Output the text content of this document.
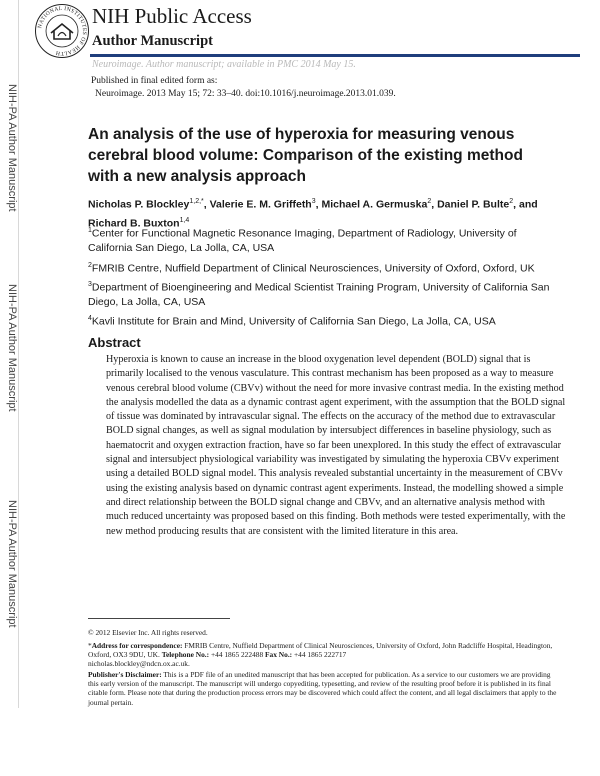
NATIONAL INSTITUTES OF HEALTH
NIH Public Access
Author Manuscript
Neuroimage. Author manuscript; available in PMC 2014 May 15.
Published in final edited form as:
Neuroimage. 2013 May 15; 72: 33–40. doi:10.1016/j.neuroimage.2013.01.039.
NIH-PA Author Manuscript
NIH-PA Author Manuscript
NIH-PA Author Manuscript
An analysis of the use of hyperoxia for measuring venous cerebral blood volume: Comparison of the existing method with a new analysis approach
Nicholas P. Blockley$^{1,2,*}$, Valerie E. M. Griffeth$^3$, Michael A. Germuska$^2$, Daniel P. Bulte$^2$, and Richard B. Buxton$^{1,4}$
$^1$Center for Functional Magnetic Resonance Imaging, Department of Radiology, University of California San Diego, La Jolla, CA, USA
$^2$FMRIB Centre, Nuffield Department of Clinical Neurosciences, University of Oxford, Oxford, UK
$^3$Department of Bioengineering and Medical Scientist Training Program, University of California San Diego, La Jolla, CA, USA
$^4$Kavli Institute for Brain and Mind, University of California San Diego, La Jolla, CA, USA
Abstract
Hyperoxia is known to cause an increase in the blood oxygenation level dependent (BOLD) signal that is primarily localised to the venous vasculature. This contrast mechanism has been proposed as a way to measure venous cerebral blood volume (CBVv) without the need for more invasive contrast media. In the existing method the analysis modelled the data as a dynamic contrast agent experiment, with the assumption that the BOLD signal of tissue was dominated by intravascular signal. The effects on the accuracy of the method due to extravascular BOLD signal changes, as well as signal modulation by intersubject differences in baseline physiology, such as haematocrit and oxygen extraction fraction, have so far been unexplored. In this study the effect of extravascular signal and intersubject physiological variability was investigated by simulating the hyperoxia CBVv experiment using a detailed BOLD signal model. This analysis revealed substantial uncertainty in the measurement of CBVv using the existing analysis based on dynamic contrast agent experiments. Instead, the modelling showed a simple and direct relationship between the BOLD signal change and CBVv, and an alternative analysis method with much reduced uncertainty was proposed based on this finding. Both methods were tested experimentally, with the new method producing results that are consistent with the limited literature in this area.
© 2012 Elsevier Inc. All rights reserved.
*Address for correspondence: FMRIB Centre, Nuffield Department of Clinical Neurosciences, University of Oxford, John Radcliffe Hospital, Headington, Oxford, OX3 9DU, UK. Telephone No.: +44 1865 222488 Fax No.: +44 1865 222717
nicholas.blockley@ndcn.ox.ac.uk.
Publisher's Disclaimer: This is a PDF file of an unedited manuscript that has been accepted for publication. As a service to our customers we are providing this early version of the manuscript. The manuscript will undergo copyediting, typesetting, and review of the resulting proof before it is published in its final citable form. Please note that during the production process errors may be discovered which could affect the content, and all legal disclaimers that apply to the journal pertain.
